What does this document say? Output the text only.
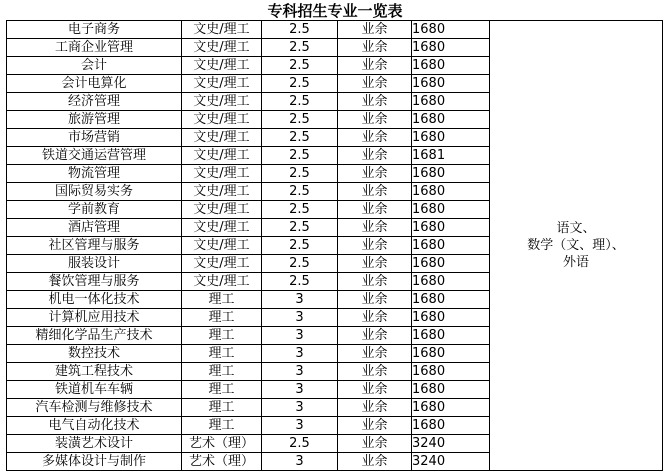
专科招生专业一览表
电子商务	文史/理工	2.5	业余	1680	语文、
数学（文、理）、
外语

工商企业管理	文史/理工	2.5	业余	1680	
会计	文史/理工	2.5	业余	1680	
会计电算化	文史/理工	2.5	业余	1680	
经济管理	文史/理工	2.5	业余	1680	
旅游管理	文史/理工	2.5	业余	1680	
市场营销	文史/理工	2.5	业余	1680	
铁道交通运营管理	文史/理工	2.5	业余	1681	
物流管理	文史/理工	2.5	业余	1680	
国际贸易实务	文史/理工	2.5	业余	1680	
学前教育	文史/理工	2.5	业余	1680	
酒店管理	文史/理工	2.5	业余	1680	
社区管理与服务	文史/理工	2.5	业余	1680	
服装设计	文史/理工	2.5	业余	1680	
餐饮管理与服务	文史/理工	2.5	业余	1680	
机电一体化技术	理工	3	业余	1680	
计算机应用技术	理工	3	业余	1680	
精细化学品生产技术	理工	3	业余	1680	
数控技术	理工	3	业余	1680	
建筑工程技术	理工	3	业余	1680	
铁道机车车辆	理工	3	业余	1680	
汽车检测与维修技术	理工	3	业余	1680	
电气自动化技术	理工	3	业余	1680	
装潢艺术设计	艺术（理）	2.5	业余	3240	
多媒体设计与制作	艺术（理）	3	业余	3240	
